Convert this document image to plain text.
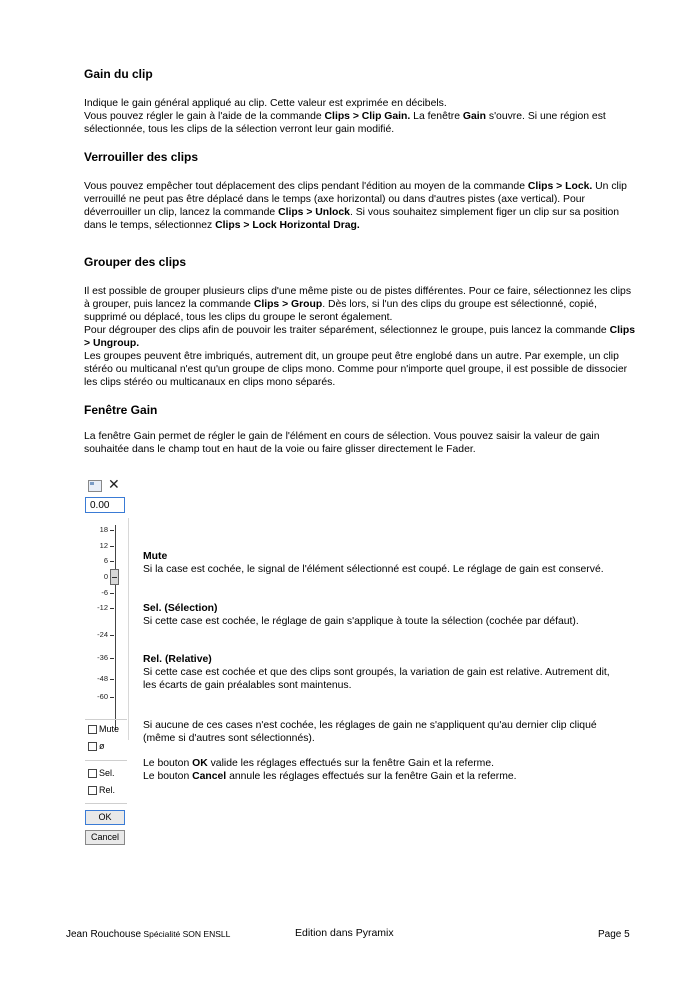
Gain du clip

Indique le gain général appliqué au clip. Cette valeur est exprimée en décibels.

Vous pouvez régler le gain à l'aide de la commande Clips > Clip Gain. La fenêtre Gain s'ouvre. Si une région est sélectionnée, tous les clips de la sélection verront leur gain modifié.

Verrouiller des clips

Vous pouvez empêcher tout déplacement des clips pendant l'édition au moyen de la commande Clips > Lock. Un clip verrouillé ne peut pas être déplacé dans le temps (axe horizontal) ou dans d'autres pistes (axe vertical). Pour déverrouiller un clip, lancez la commande Clips > Unlock. Si vous souhaitez simplement figer un clip sur sa position dans le temps, sélectionnez Clips > Lock Horizontal Drag.

Grouper des clips

Il est possible de grouper plusieurs clips d'une même piste ou de pistes différentes. Pour ce faire, sélectionnez les clips à grouper, puis lancez la commande Clips > Group. Dès lors, si l'un des clips du groupe est sélectionné, copié, supprimé ou déplacé, tous les clips du groupe le seront également.

Pour dégrouper des clips afin de pouvoir les traiter séparément, sélectionnez le groupe, puis lancez la commande Clips > Ungroup.

Les groupes peuvent être imbriqués, autrement dit, un groupe peut être englobé dans un autre. Par exemple, un clip stéréo ou multicanal n'est qu'un groupe de clips mono. Comme pour n'importe quel groupe, il est possible de dissocier les clips stéréo ou multicanaux en clips mono séparés.

Fenêtre Gain

La fenêtre Gain permet de régler le gain de l'élément en cours de sélection. Vous pouvez saisir la valeur de gain souhaitée dans le champ tout en haut de la voie ou faire glisser directement le Fader.

✕
0.00
18
12
6
0
-6
-12
-24
-36
-48
-60
Mute
ø
Sel.
Rel.
OK
Cancel

Mute

Si la case est cochée, le signal de l'élément sélectionné est coupé. Le réglage de gain est conservé.

Sel. (Sélection)

Si cette case est cochée, le réglage de gain s'applique à toute la sélection (cochée par défaut).

Rel. (Relative)

Si cette case est cochée et que des clips sont groupés, la variation de gain est relative. Autrement dit, les écarts de gain préalables sont maintenus.

Si aucune de ces cases n'est cochée, les réglages de gain ne s'appliquent qu'au dernier clip cliqué (même si d'autres sont sélectionnés).

Le bouton OK valide les réglages effectués sur la fenêtre Gain et la referme.

Le bouton Cancel annule les réglages effectués sur la fenêtre Gain et la referme.

Jean Rouchouse Spécialité SON ENSLL	Edition dans Pyramix	Page 5
